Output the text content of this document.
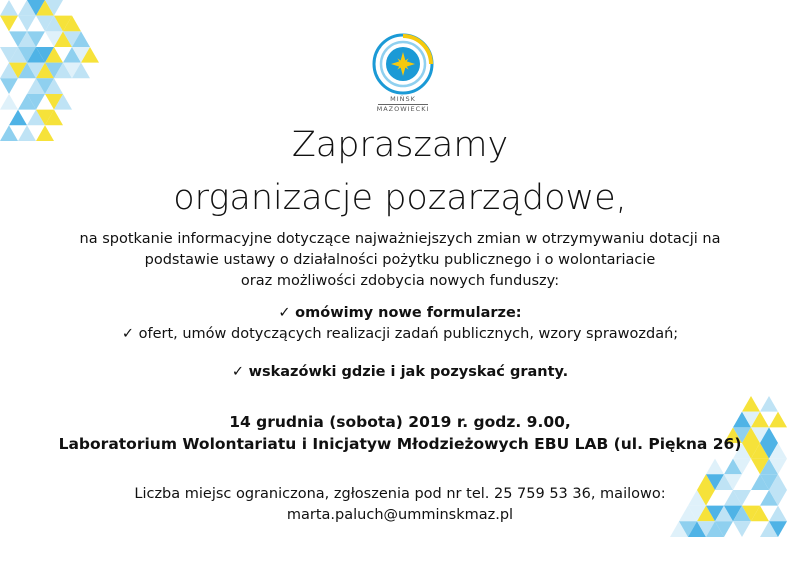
MIŃSK
MAZOWIECKI
Zapraszamy
organizacje pozarządowe,
na spotkanie informacyjne dotyczące najważniejszych zmian w otrzymywaniu dotacji na
podstawie ustawy o działalności pożytku publicznego i o wolontariacie
oraz możliwości zdobycia nowych funduszy:
✓ omówimy nowe formularze:
✓ ofert, umów dotyczących realizacji zadań publicznych, wzory sprawozdań;
✓ wskazówki gdzie i jak pozyskać granty.
14 grudnia (sobota) 2019 r. godz. 9.00,
Laboratorium Wolontariatu i Inicjatyw Młodzieżowych EBU LAB (ul. Piękna 26)
Liczba miejsc ograniczona, zgłoszenia pod nr tel. 25 759 53 36, mailowo:
marta.paluch@umminskmaz.pl
